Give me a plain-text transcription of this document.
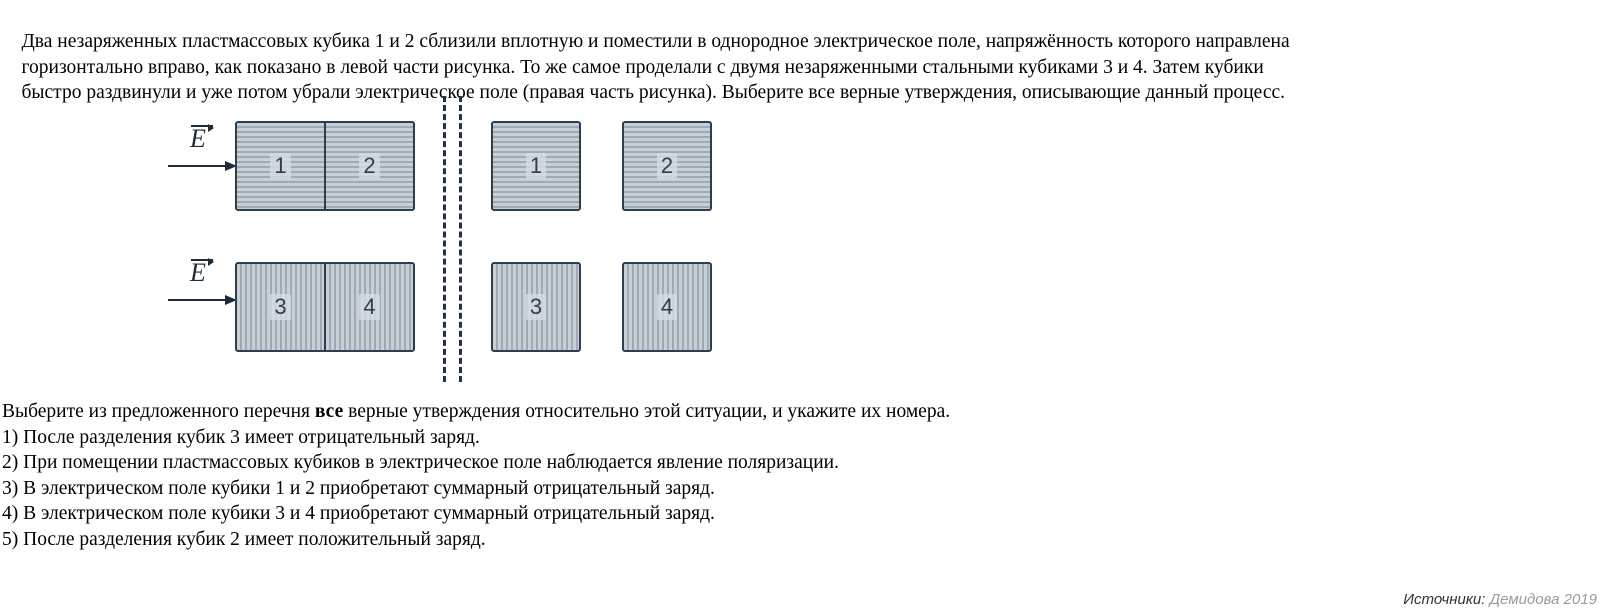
Два незаряженных пластмассовых кубика 1 и 2 сблизили вплотную и поместили в однородное электрическое поле, напряжённость которого направлена
горизонтально вправо, как показано в левой части рисунка. То же самое проделали с двумя незаряженными стальными кубиками 3 и 4. Затем кубики
быстро раздвинули и уже потом убрали электрическое поле (правая часть рисунка). Выберите все верные утверждения, описывающие данный процесс.

E
E
1	2
3	4
1	2
3	4
Выберите из предложенного перечня все верные утверждения относительно этой ситуации, и укажите их номера.
1) После разделения кубик 3 имеет отрицательный заряд.
2) При помещении пластмассовых кубиков в электрическое поле наблюдается явление поляризации.
3) В электрическом поле кубики 1 и 2 приобретают суммарный отрицательный заряд.
4) В электрическом поле кубики 3 и 4 приобретают суммарный отрицательный заряд.
5) После разделения кубик 2 имеет положительный заряд.
Источники: Демидова 2019
